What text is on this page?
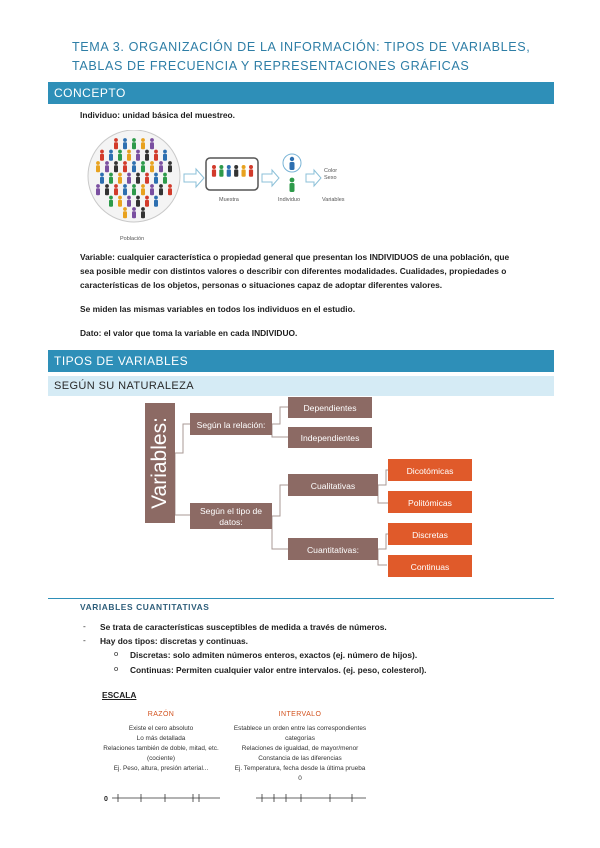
TEMA 3. ORGANIZACIÓN DE LA INFORMACIÓN: TIPOS DE VARIABLES,
TABLAS DE FRECUENCIA Y REPRESENTACIONES GRÁFICAS
CONCEPTO
Individuo: unidad básica del muestreo.
Color
Sexo
Población
Muestra	Individuo	Variables
Variable: cualquier característica o propiedad general que presentan los INDIVIDUOS de una población, que sea posible medir con distintos valores o describir con diferentes modalidades. Cualidades, propiedades o características de los objetos, personas o situaciones capaz de adoptar diferentes valores.
Se miden las mismas variables en todos los individuos en el estudio.
Dato: el valor que toma la variable en cada INDIVIDUO.
TIPOS DE VARIABLES
SEGÚN SU NATURALEZA
Variables:	Según la relación:
Dependientes
Independientes
Según el tipo de
datos:
Cualitativas
Cuantitativas:
Dicotómicas
Politómicas
Discretas
Continuas
VARIABLES CUANTITATIVAS
- Se trata de características susceptibles de medida a través de números.
- Hay dos tipos: discretas y continuas.
o Discretas: solo admiten números enteros, exactos (ej. número de hijos).
o Continuas: Permiten cualquier valor entre intervalos. (ej. peso, colesterol).
ESCALA
RAZÓN
Existe el cero absoluto
Lo más detallada
Relaciones también de doble, mitad, etc. (cociente)
Ej. Peso, altura, presión arterial...
INTERVALO
Establece un orden entre las correspondientes categorías
Relaciones de igualdad, de mayor/menor
Constancia de las diferencias
Ej. Temperatura, fecha desde la última prueba
0
0
